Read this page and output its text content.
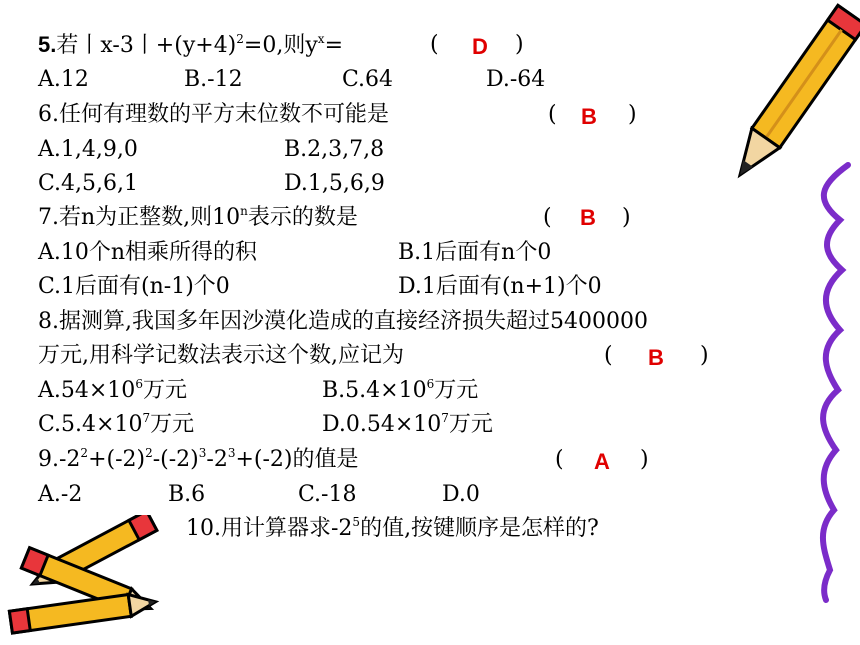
5.若丨x-3丨$+(y+4)^2=0$,则$y^x=$	( D )
A.12	B.-12	C.64	D.-64
6.任何有理数的平方末位数不可能是	( B )
A.1,4,9,0	B.2,3,7,8
C.4,5,6,1	D.1,5,6,9
7.若n为正整数,则10$^n$表示的数是	( B )
A.10个n相乘所得的积	B.1后面有n个0
C.1后面有(n-1)个0	D.1后面有(n+1)个0
8.据测算,我国多年因沙漠化造成的直接经济损失超过5400000
万元,用科学记数法表示这个数,应记为	( B )
$A.54\times 10^6$万元	$B.5.4\times 10^6$万元
$C.5.4\times 10^7$万元	$D.0.54\times 10^7$万元
$9.-2^2+(-2)^2-(-2)^3-2^3+(-2)$的值是	( A )
A.-2	B.6	C.-18	D.0
10.用计算器求$-2^5$的值,按键顺序是怎样的?
